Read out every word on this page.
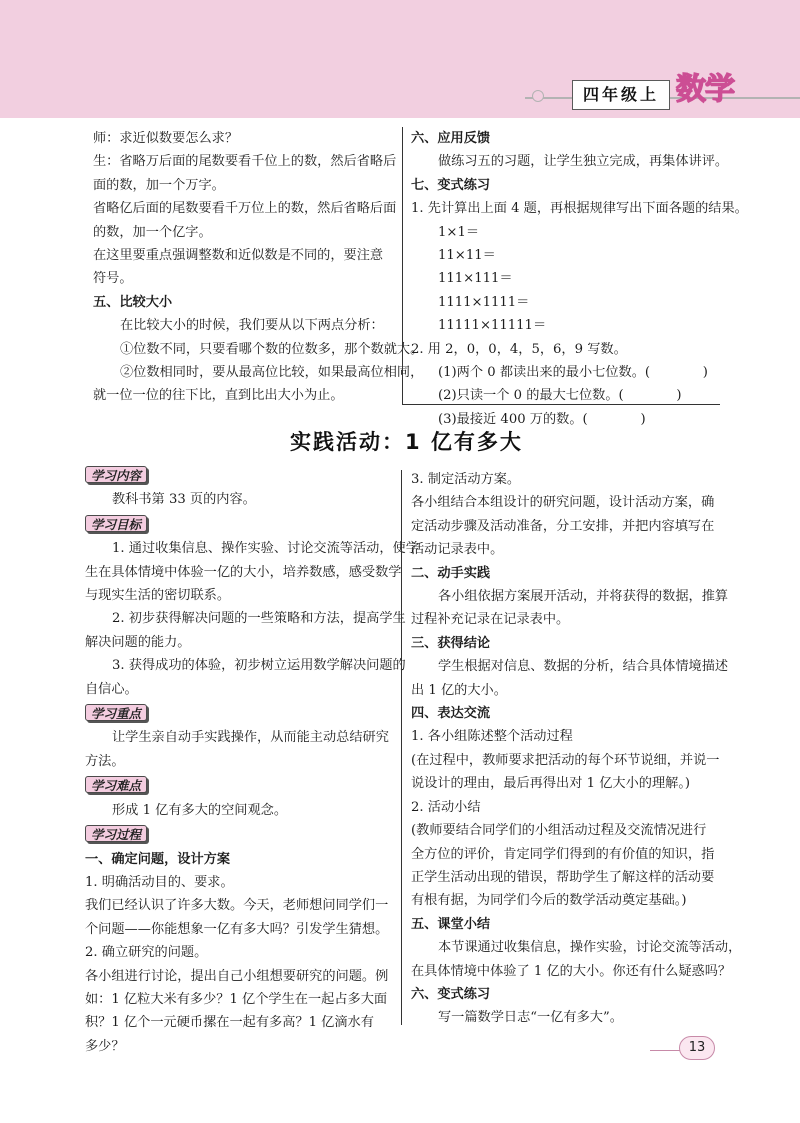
四年级上 数学

师：求近似数要怎么求？

生：省略万后面的尾数要看千位上的数，然后省略后

面的数，加一个万字。

省略亿后面的尾数要看千万位上的数，然后省略后面

的数，加一个亿字。

在这里要重点强调整数和近似数是不同的，要注意

符号。

五、比较大小

在比较大小的时候，我们要从以下两点分析：

①位数不同，只要看哪个数的位数多，那个数就大。

②位数相同时，要从最高位比较，如果最高位相同，

就一位一位的往下比，直到比出大小为止。

六、应用反馈

做练习五的习题，让学生独立完成，再集体讲评。

七、变式练习

1. 先计算出上面 4 题，再根据规律写出下面各题的结果。

1×1＝

11×11＝

111×111＝

1111×1111＝

11111×11111＝

2. 用 2，0，0，4，5，6，9 写数。

(1)两个 0 都读出来的最小七位数。(　　　　)

(2)只读一个 0 的最大七位数。(　　　　)

(3)最接近 400 万的数。(　　　　)

实践活动：1 亿有多大

学习内容

教科书第 33 页的内容。

学习目标

1. 通过收集信息、操作实验、讨论交流等活动，使学

生在具体情境中体验一亿的大小，培养数感，感受数学

与现实生活的密切联系。

2. 初步获得解决问题的一些策略和方法，提高学生

解决问题的能力。

3. 获得成功的体验，初步树立运用数学解决问题的

自信心。

学习重点

让学生亲自动手实践操作，从而能主动总结研究

方法。

学习难点

形成 1 亿有多大的空间观念。

学习过程

一、确定问题，设计方案

1. 明确活动目的、要求。

我们已经认识了许多大数。今天，老师想问同学们一

个问题——你能想象一亿有多大吗？引发学生猜想。

2. 确立研究的问题。

各小组进行讨论，提出自己小组想要研究的问题。例

如：1 亿粒大米有多少？1 亿个学生在一起占多大面

积？1 亿个一元硬币摞在一起有多高？1 亿滴水有

多少？

3. 制定活动方案。

各小组结合本组设计的研究问题，设计活动方案，确

定活动步骤及活动准备，分工安排，并把内容填写在

活动记录表中。

二、动手实践

各小组依据方案展开活动，并将获得的数据，推算

过程补充记录在记录表中。

三、获得结论

学生根据对信息、数据的分析，结合具体情境描述

出 1 亿的大小。

四、表达交流

1. 各小组陈述整个活动过程

(在过程中，教师要求把活动的每个环节说细，并说一

说设计的理由，最后再得出对 1 亿大小的理解。)

2. 活动小结

(教师要结合同学们的小组活动过程及交流情况进行

全方位的评价，肯定同学们得到的有价值的知识，指

正学生活动出现的错误，帮助学生了解这样的活动要

有根有据，为同学们今后的数学活动奠定基础。)

五、课堂小结

本节课通过收集信息，操作实验，讨论交流等活动，

在具体情境中体验了 1 亿的大小。你还有什么疑惑吗？

六、变式练习

写一篇数学日志“一亿有多大”。

13
